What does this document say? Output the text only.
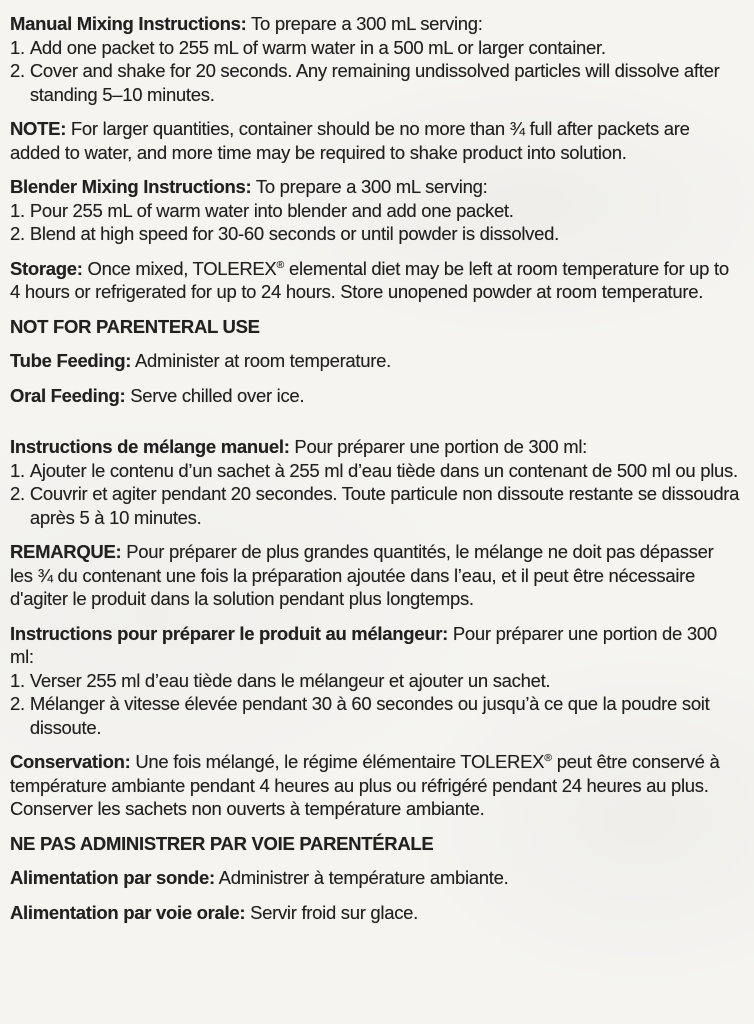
Manual Mixing Instructions: To prepare a 300 mL serving:

1. Add one packet to 255 mL of warm water in a 500 mL or larger container.
2. Cover and shake for 20 seconds. Any remaining undissolved particles will dissolve after standing 5–10 minutes.

NOTE: For larger quantities, container should be no more than ¾ full after packets are added to water, and more time may be required to shake product into solution.

Blender Mixing Instructions: To prepare a 300 mL serving:

1. Pour 255 mL of warm water into blender and add one packet.
2. Blend at high speed for 30-60 seconds or until powder is dissolved.

Storage: Once mixed, TOLEREX® elemental diet may be left at room temperature for up to 4 hours or refrigerated for up to 24 hours. Store unopened powder at room temperature.

NOT FOR PARENTERAL USE

Tube Feeding: Administer at room temperature.

Oral Feeding: Serve chilled over ice.

Instructions de mélange manuel: Pour préparer une portion de 300 ml:

1. Ajouter le contenu d’un sachet à 255 ml d’eau tiède dans un contenant de 500 ml ou plus.
2. Couvrir et agiter pendant 20 secondes. Toute particule non dissoute restante se dissoudra après 5 à 10 minutes.

REMARQUE: Pour préparer de plus grandes quantités, le mélange ne doit pas dépasser les ¾ du contenant une fois la préparation ajoutée dans l’eau, et il peut être nécessaire d'agiter le produit dans la solution pendant plus longtemps.

Instructions pour préparer le produit au mélangeur: Pour préparer une portion de 300 ml:

1. Verser 255 ml d’eau tiède dans le mélangeur et ajouter un sachet.
2. Mélanger à vitesse élevée pendant 30 à 60 secondes ou jusqu’à ce que la poudre soit dissoute.

Conservation: Une fois mélangé, le régime élémentaire TOLEREX® peut être conservé à température ambiante pendant 4 heures au plus ou réfrigéré pendant 24 heures au plus. Conserver les sachets non ouverts à température ambiante.

NE PAS ADMINISTRER PAR VOIE PARENTÉRALE

Alimentation par sonde: Administrer à température ambiante.

Alimentation par voie orale: Servir froid sur glace.
